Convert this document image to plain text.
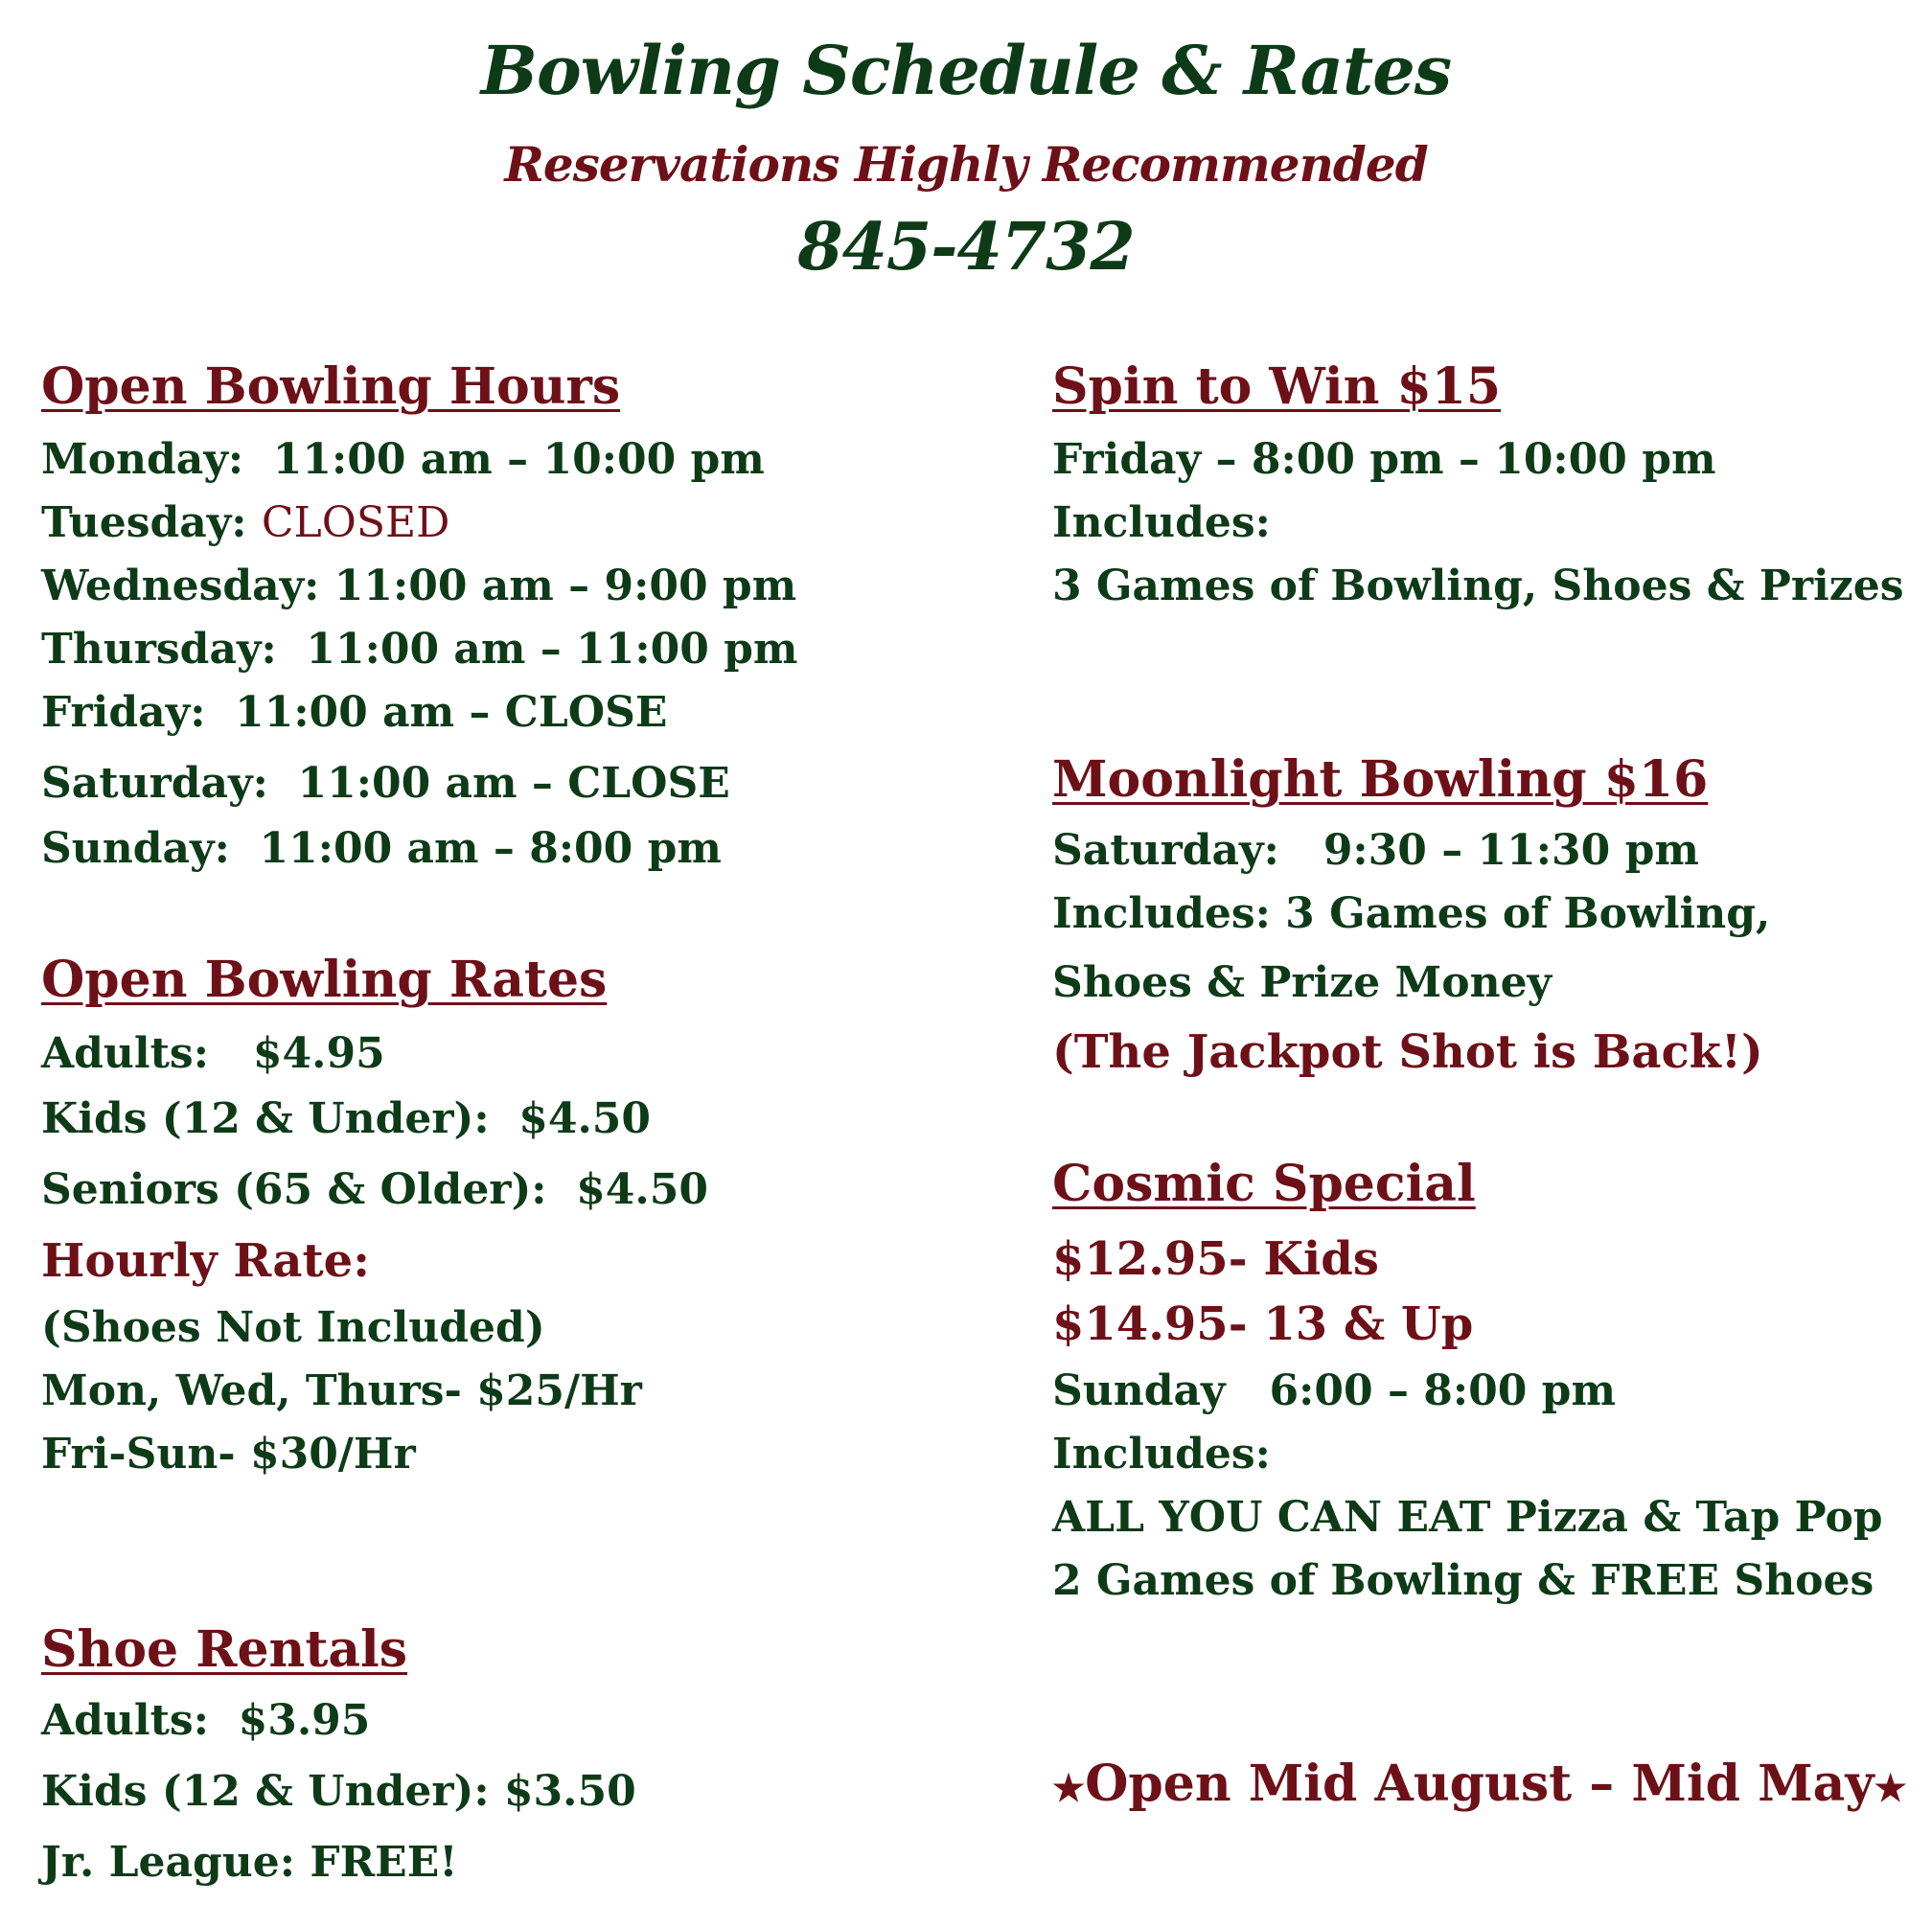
Bowling Schedule & Rates
Reservations Highly Recommended
845-4732
Open Bowling Hours
Monday:  11:00 am – 10:00 pm
Tuesday: CLOSED
Wednesday: 11:00 am – 9:00 pm
Thursday:  11:00 am – 11:00 pm
Friday:  11:00 am – CLOSE
Saturday:  11:00 am – CLOSE
Sunday:  11:00 am – 8:00 pm
Open Bowling Rates
Adults:   $4.95
Kids (12 & Under):  $4.50
Seniors (65 & Older):  $4.50
Hourly Rate:
(Shoes Not Included)
Mon, Wed, Thurs- $25/Hr
Fri-Sun- $30/Hr
Shoe Rentals
Adults:  $3.95
Kids (12 & Under): $3.50
Jr. League: FREE!
Spin to Win $15
Friday – 8:00 pm – 10:00 pm
Includes:
3 Games of Bowling, Shoes & Prizes
Moonlight Bowling $16
Saturday:   9:30 – 11:30 pm
Includes: 3 Games of Bowling,
Shoes & Prize Money
(The Jackpot Shot is Back!)
Cosmic Special
$12.95- Kids
$14.95- 13 & Up
Sunday   6:00 – 8:00 pm
Includes:
ALL YOU CAN EAT Pizza & Tap Pop
2 Games of Bowling & FREE Shoes
★Open Mid August – Mid May★
